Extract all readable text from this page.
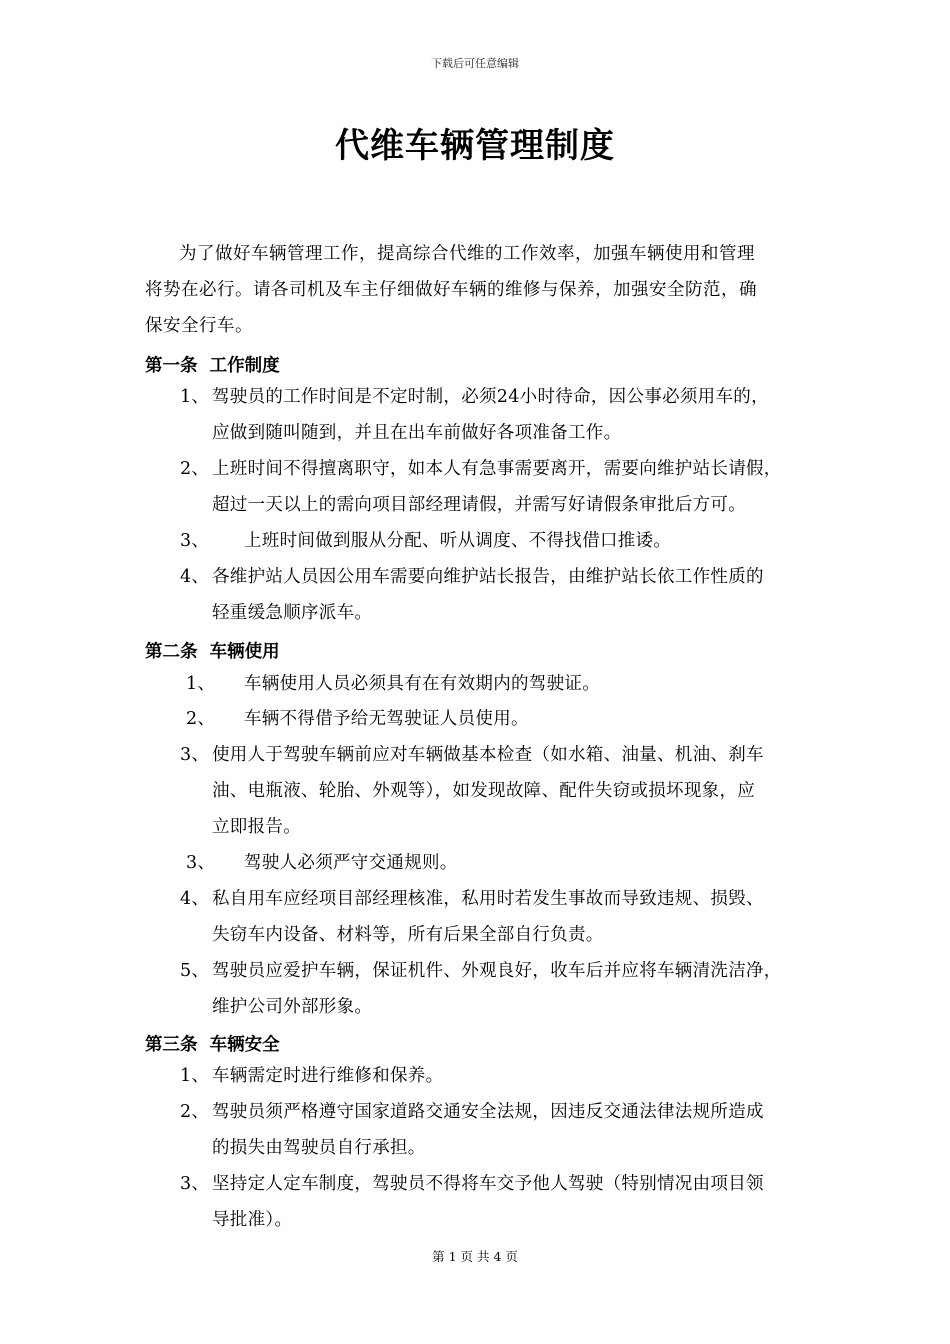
下载后可任意编辑
代维车辆管理制度
为了做好车辆管理工作，提高综合代维的工作效率，加强车辆使用和管理
将势在必行。请各司机及车主仔细做好车辆的维修与保养，加强安全防范，确
保安全行车。
第一条  工作制度
1、 驾驶员的工作时间是不定时制，必须24小时待命，因公事必须用车的，
应做到随叫随到，并且在出车前做好各项准备工作。
2、 上班时间不得擅离职守，如本人有急事需要离开，需要向维护站长请假，
超过一天以上的需向项目部经理请假，并需写好请假条审批后方可。
3、 上班时间做到服从分配、听从调度、不得找借口推诿。
4、 各维护站人员因公用车需要向维护站长报告，由维护站长依工作性质的
轻重缓急顺序派车。
第二条  车辆使用
1、 车辆使用人员必须具有在有效期内的驾驶证。
2、 车辆不得借予给无驾驶证人员使用。
3、 使用人于驾驶车辆前应对车辆做基本检查（如水箱、油量、机油、刹车
油、电瓶液、轮胎、外观等），如发现故障、配件失窃或损坏现象，应
立即报告。
3、 驾驶人必须严守交通规则。
4、 私自用车应经项目部经理核准，私用时若发生事故而导致违规、损毁、
失窃车内设备、材料等，所有后果全部自行负责。
5、 驾驶员应爱护车辆，保证机件、外观良好，收车后并应将车辆清洗洁净，
维护公司外部形象。
第三条  车辆安全
1、 车辆需定时进行维修和保养。
2、 驾驶员须严格遵守国家道路交通安全法规，因违反交通法律法规所造成
的损失由驾驶员自行承担。
3、 坚持定人定车制度，驾驶员不得将车交予他人驾驶（特别情况由项目领
导批准）。
第 1 页 共 4 页
